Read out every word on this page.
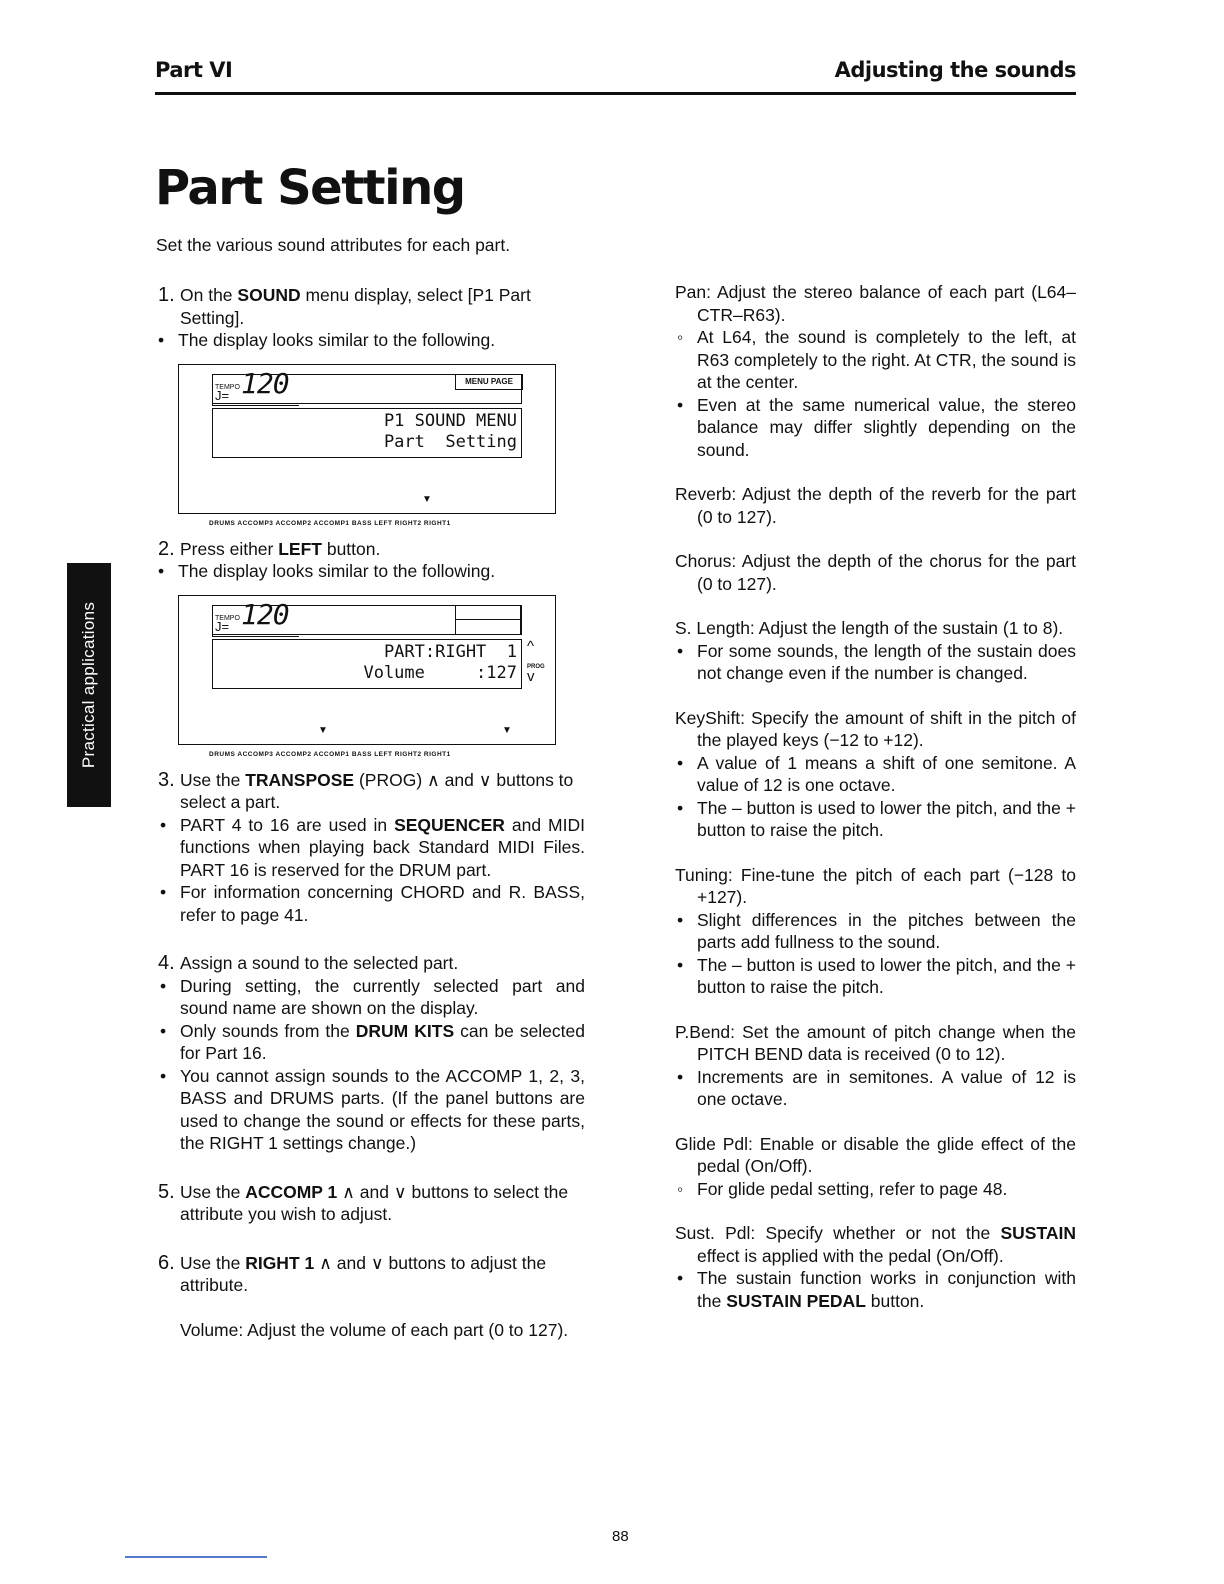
Part VI	Adjusting the sounds
Part Setting
Set the various sound attributes for each part.
Practical applications

1. On the SOUND menu display, select [P1 Part Setting].

• The display looks similar to the following.

TEMPO
J= 120	MENU PAGE
P1 SOUND MENU
Part  Setting
▼
DRUMS ACCOMP3 ACCOMP2 ACCOMP1 BASS LEFT RIGHT2 RIGHT1

2. Press either LEFT button.

• The display looks similar to the following.

TEMPO
J= 120
PART:RIGHT  1
Volume     :127
^
PROG
v
▼	▼
DRUMS ACCOMP3 ACCOMP2 ACCOMP1 BASS LEFT RIGHT2 RIGHT1

3. Use the TRANSPOSE (PROG) ∧ and ∨ buttons to select a part.

• PART 4 to 16 are used in SEQUENCER and MIDI functions when playing back Standard MIDI Files. PART 16 is reserved for the DRUM part.

• For information concerning CHORD and R. BASS, refer to page 41.

4. Assign a sound to the selected part.

• During setting, the currently selected part and sound name are shown on the display.

• Only sounds from the DRUM KITS can be selected for Part 16.

• You cannot assign sounds to the ACCOMP 1, 2, 3, BASS and DRUMS parts. (If the panel buttons are used to change the sound or effects for these parts, the RIGHT 1 settings change.)

5. Use the ACCOMP 1 ∧ and ∨ buttons to select the attribute you wish to adjust.

6. Use the RIGHT 1 ∧ and ∨ buttons to adjust the attribute.

Volume: Adjust the volume of each part (0 to 127).

Pan: Adjust the stereo balance of each part (L64–CTR–R63).

◦ At L64, the sound is completely to the left, at R63 completely to the right. At CTR, the sound is at the center.

• Even at the same numerical value, the stereo balance may differ slightly depending on the sound.

Reverb: Adjust the depth of the reverb for the part (0 to 127).

Chorus: Adjust the depth of the chorus for the part (0 to 127).

S. Length: Adjust the length of the sustain (1 to 8).

• For some sounds, the length of the sustain does not change even if the number is changed.

KeyShift: Specify the amount of shift in the pitch of the played keys (−12 to +12).

• A value of 1 means a shift of one semitone. A value of 12 is one octave.

• The – button is used to lower the pitch, and the + button to raise the pitch.

Tuning: Fine-tune the pitch of each part (−128 to +127).

• Slight differences in the pitches between the parts add fullness to the sound.

• The – button is used to lower the pitch, and the + button to raise the pitch.

P.Bend: Set the amount of pitch change when the PITCH BEND data is received (0 to 12).

• Increments are in semitones. A value of 12 is one octave.

Glide Pdl: Enable or disable the glide effect of the pedal (On/Off).

◦ For glide pedal setting, refer to page 48.

Sust. Pdl: Specify whether or not the SUSTAIN effect is applied with the pedal (On/Off).

• The sustain function works in conjunction with the SUSTAIN PEDAL button.

88
